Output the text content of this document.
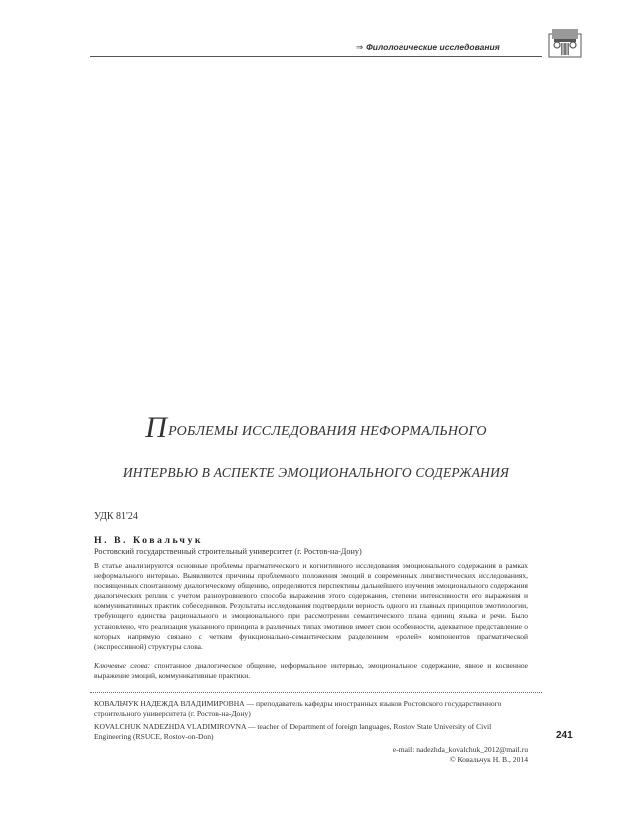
⇒ Филологические исследования
ПРОБЛЕМЫ ИССЛЕДОВАНИЯ НЕФОРМАЛЬНОГО
ИНТЕРВЬЮ В АСПЕКТЕ ЭМОЦИОНАЛЬНОГО СОДЕРЖАНИЯ
УДК 81'24
Н. В. Ковальчук
Ростовский государственный строительный университет (г. Ростов-на-Дону)
В статье анализируются основные проблемы прагматического и когнитивного исследования эмоционального содержания в рамках неформального интервью. Выявляются причины проблемного положения эмоций в современных лингвистических исследованиях, посвященных спонтанному диалогическому общению, определяются перспективы дальнейшего изучения эмоционального содержания диалогических реплик с учетом разноуровневого способа выражения этого содержания, степени интенсивности его выражения и коммуникативных практик собеседников. Результаты исследования подтвердили верность одного из главных принципов эмотиологии, требующего единства рационального и эмоционального при рассмотрении семантического плана единиц языка и речи. Было установлено, что реализация указанного принципа в различных типах эмотивов имеет свои особенности, адекватное представление о которых напрямую связано с четким функционально-семантическим разделением «ролей» компонентов прагматической (экспрессивной) структуры слова.
Ключевые слова: спонтанное диалогическое общение, неформальное интервью, эмоциональное содержание, явное и косвенное выражение эмоций, коммуникативные практики.
КОВАЛЬЧУК НАДЕЖДА ВЛАДИМИРОВНА — преподаватель кафедры иностранных языков Ростовского государственного строительного университета (г. Ростов-на-Дону)
KOVALCHUK NADEZHDA VLADIMIROVNA — teacher of Department of foreign languages, Rostov State University of Civil Engineering (RSUCE, Rostov-on-Don)
e-mail: nadezhda_kovalchuk_2012@mail.ru
© Ковальчук Н. В., 2014
241
